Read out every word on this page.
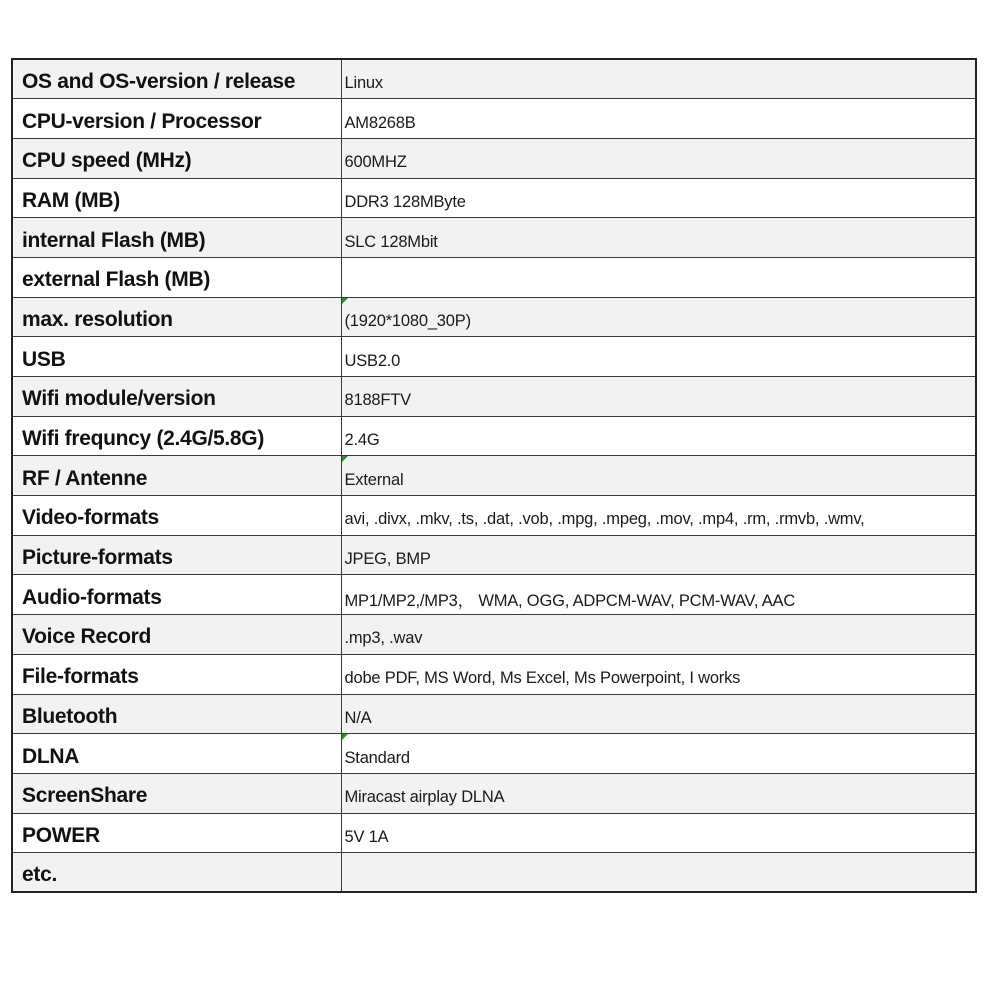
OS and OS-version / release	Linux
CPU-version / Processor	AM8268B
CPU speed (MHz)	600MHZ
RAM (MB)	DDR3 128MByte
internal Flash (MB)	SLC 128Mbit
external Flash (MB)	
max. resolution	(1920*1080_30P)
USB	USB2.0
Wifi module/version	8188FTV
Wifi frequncy (2.4G/5.8G)	2.4G
RF / Antenne	External
Video-formats	avi, .divx, .mkv, .ts, .dat, .vob, .mpg, .mpeg, .mov, .mp4, .rm, .rmvb, .wmv,
Picture-formats	JPEG, BMP
Audio-formats	MP1/MP2,/MP3， WMA, OGG, ADPCM-WAV, PCM-WAV, AAC
Voice Record	.mp3, .wav
File-formats	dobe PDF, MS Word, Ms Excel, Ms Powerpoint, I works
Bluetooth	N/A
DLNA	Standard
ScreenShare	Miracast airplay DLNA
POWER	5V 1A
etc.	
